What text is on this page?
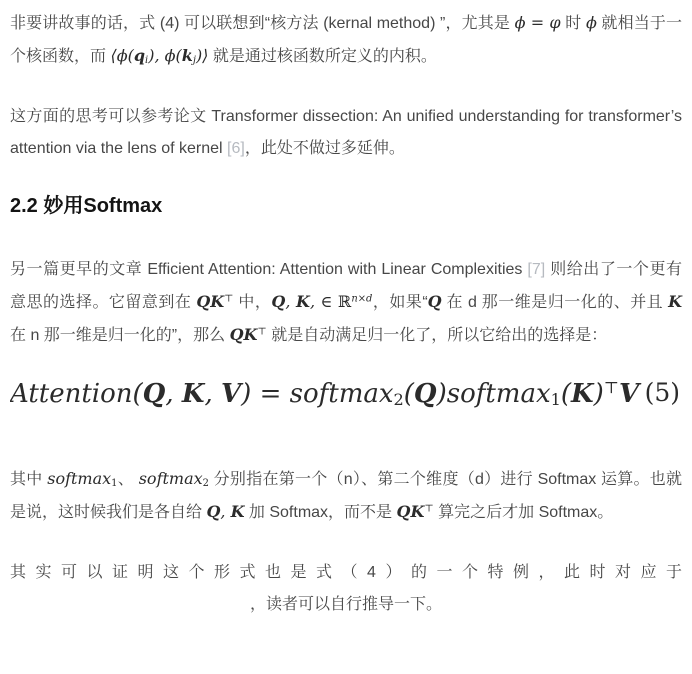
非要讲故事的话，式 (4) 可以联想到“核方法 (kernal method) ”，尤其是 ϕ = φ 时 ϕ 就相当于一个核函数，而 ⟨ϕ(qi), ϕ(kj)⟩ 就是通过核函数所定义的内积。

这方面的思考可以参考论文 Transformer dissection: An unified understanding for transformer’s attention via the lens of kernel [6]，此处不做过多延伸。

2.2 妙用Softmax

另一篇更早的文章 Efficient Attention: Attention with Linear Complexities [7] 则给出了一个更有意思的选择。它留意到在 QK⊤ 中，Q, K, ∈ ℝ$^{n\times d}$，如果“Q 在 d 那一维是归一化的、并且 K 在 n 那一维是归一化的”，那么 QK⊤ 就是自动满足归一化了，所以它给出的选择是：

Attention(Q, K, V) = softmax2(Q)softmax1(K)⊤V (5)

其中 softmax1、 softmax2 分别指在第一个（n）、第二个维度（d）进行 Softmax 运算。也就是说，这时候我们是各自给 Q, K 加 Softmax，而不是 QK⊤ 算完之后才加 Softmax。

其实可以证明这个形式也是式（4）的一个特例，此时对应于
，读者可以自行推导一下。
